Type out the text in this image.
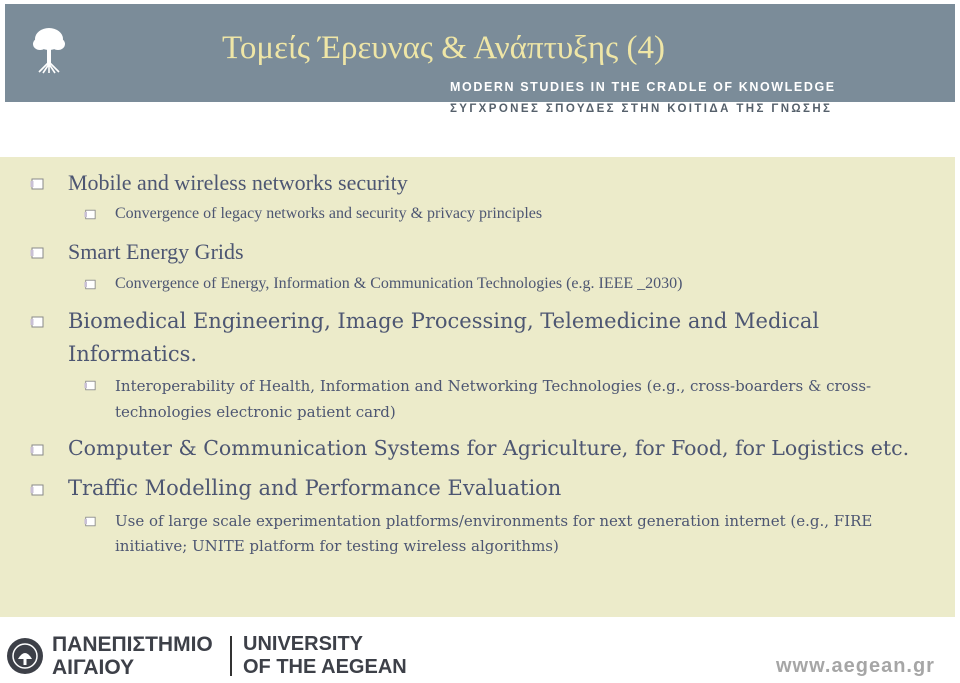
Τομείς Έρευνας & Ανάπτυξης (4)
MODERN STUDIES IN THE CRADLE OF KNOWLEDGE
ΣΥΓΧΡΟΝΕΣ ΣΠΟΥΔΕΣ ΣΤΗΝ ΚΟΙΤΙΔΑ ΤΗΣ ΓΝΩΣΗΣ
Mobile and wireless networks security
Convergence of legacy networks and security & privacy principles
Smart Energy Grids
Convergence of Energy, Information & Communication Technologies (e.g. IEEE _2030)
Biomedical Engineering, Image Processing, Telemedicine and Medical
Informatics.
Interoperability of Health, Information and Networking Technologies (e.g., cross-boarders & cross-
technologies electronic patient card)
Computer & Communication Systems for Agriculture, for Food, for Logistics etc.
Traffic Modelling and Performance Evaluation
Use of large scale experimentation platforms/environments for next generation internet (e.g., FIRE
initiative; UNITE platform for testing wireless algorithms)
ΠΑΝΕΠΙΣΤΗΜΙΟ
ΑΙΓΑΙΟΥ
UNIVERSITY
OF THE AEGEAN	www.aegean.gr
